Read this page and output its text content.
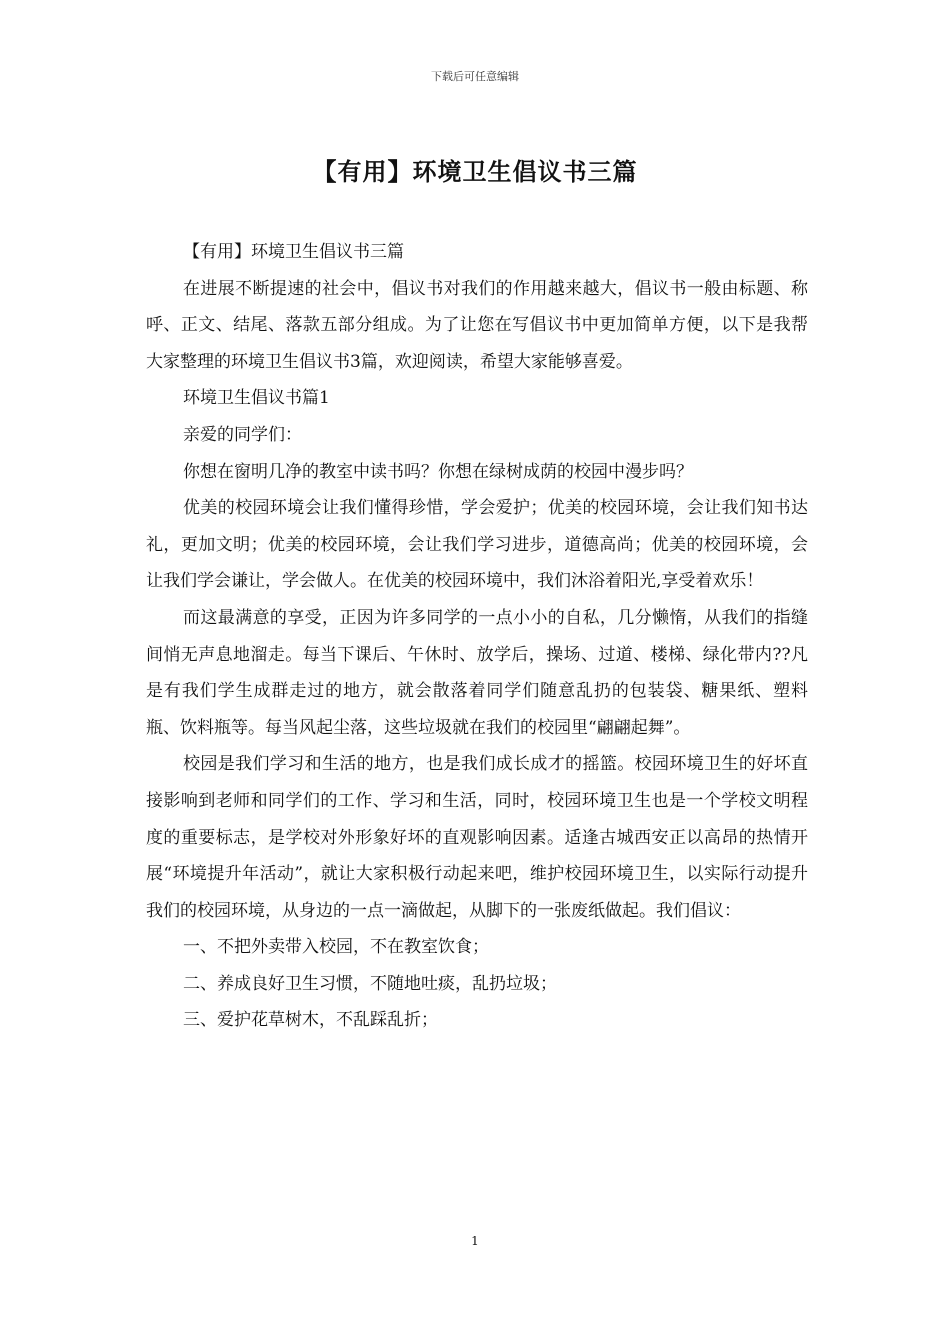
下载后可任意编辑
【有用】环境卫生倡议书三篇

【有用】环境卫生倡议书三篇

在进展不断提速的社会中，倡议书对我们的作用越来越大，倡议书一般由标题、称呼、正文、结尾、落款五部分组成。为了让您在写倡议书中更加简单方便，以下是我帮大家整理的环境卫生倡议书3篇，欢迎阅读，希望大家能够喜爱。

环境卫生倡议书篇1

亲爱的同学们：

你想在窗明几净的教室中读书吗？你想在绿树成荫的校园中漫步吗？

优美的校园环境会让我们懂得珍惜，学会爱护；优美的校园环境，会让我们知书达礼，更加文明；优美的校园环境，会让我们学习进步，道德高尚；优美的校园环境，会让我们学会谦让，学会做人。在优美的校园环境中，我们沐浴着阳光,享受着欢乐！

而这最满意的享受，正因为许多同学的一点小小的自私，几分懒惰，从我们的指缝间悄无声息地溜走。每当下课后、午休时、放学后，操场、过道、楼梯、绿化带内??凡是有我们学生成群走过的地方，就会散落着同学们随意乱扔的包装袋、糖果纸、塑料瓶、饮料瓶等。每当风起尘落，这些垃圾就在我们的校园里“翩翩起舞”。

校园是我们学习和生活的地方，也是我们成长成才的摇篮。校园环境卫生的好坏直接影响到老师和同学们的工作、学习和生活，同时，校园环境卫生也是一个学校文明程度的重要标志，是学校对外形象好坏的直观影响因素。适逢古城西安正以高昂的热情开展“环境提升年活动”，就让大家积极行动起来吧，维护校园环境卫生，以实际行动提升我们的校园环境，从身边的一点一滴做起，从脚下的一张废纸做起。我们倡议：

一、不把外卖带入校园，不在教室饮食；

二、养成良好卫生习惯，不随地吐痰，乱扔垃圾；

三、爱护花草树木，不乱踩乱折；

1
